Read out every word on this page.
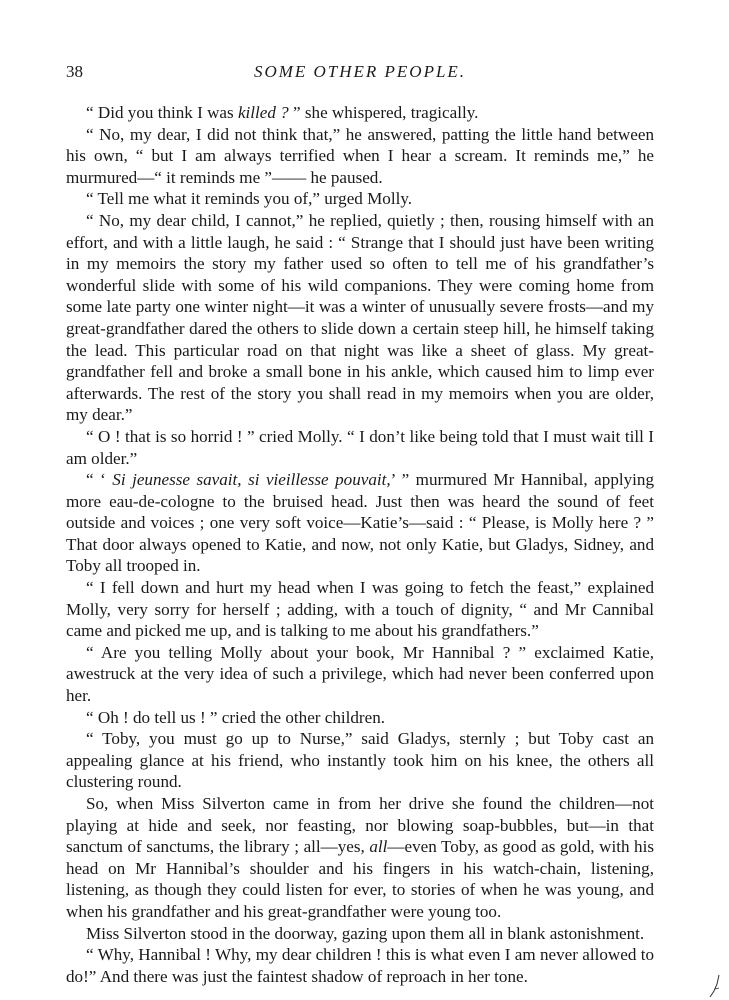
38	SOME OTHER PEOPLE.

“ Did you think I was killed ? ” she whispered, tragically.

“ No, my dear, I did not think that,” he answered, patting the little hand between his own, “ but I am always terrified when I hear a scream. It reminds me,” he murmured—“ it reminds me ”—— he paused.

“ Tell me what it reminds you of,” urged Molly.

“ No, my dear child, I cannot,” he replied, quietly ; then, rousing himself with an effort, and with a little laugh, he said : “ Strange that I should just have been writing in my memoirs the story my father used so often to tell me of his grandfather’s wonderful slide with some of his wild companions. They were coming home from some late party one winter night—it was a winter of unusually severe frosts—and my great-grandfather dared the others to slide down a certain steep hill, he himself taking the lead. This particular road on that night was like a sheet of glass. My great-grandfather fell and broke a small bone in his ankle, which caused him to limp ever afterwards. The rest of the story you shall read in my memoirs when you are older, my dear.”

“ O ! that is so horrid ! ” cried Molly. “ I don’t like being told that I must wait till I am older.”

“ ‘ Si jeunesse savait, si vieillesse pouvait,’ ” murmured Mr Hannibal, applying more eau-de-cologne to the bruised head. Just then was heard the sound of feet outside and voices ; one very soft voice—Katie’s—said : “ Please, is Molly here ? ” That door always opened to Katie, and now, not only Katie, but Gladys, Sidney, and Toby all trooped in.

“ I fell down and hurt my head when I was going to fetch the feast,” explained Molly, very sorry for herself ; adding, with a touch of dignity, “ and Mr Cannibal came and picked me up, and is talking to me about his grandfathers.”

“ Are you telling Molly about your book, Mr Hannibal ? ” exclaimed Katie, awestruck at the very idea of such a privilege, which had never been conferred upon her.

“ Oh ! do tell us ! ” cried the other children.

“ Toby, you must go up to Nurse,” said Gladys, sternly ; but Toby cast an appealing glance at his friend, who instantly took him on his knee, the others all clustering round.

So, when Miss Silverton came in from her drive she found the children—not playing at hide and seek, nor feasting, nor blowing soap-bubbles, but—in that sanctum of sanctums, the library ; all—yes, all—even Toby, as good as gold, with his head on Mr Hannibal’s shoulder and his fingers in his watch-chain, listening, listening, as though they could listen for ever, to stories of when he was young, and when his grandfather and his great-grandfather were young too.

Miss Silverton stood in the doorway, gazing upon them all in blank astonishment.

“ Why, Hannibal ! Why, my dear children ! this is what even I am never allowed to do!” And there was just the faintest shadow of reproach in her tone.
